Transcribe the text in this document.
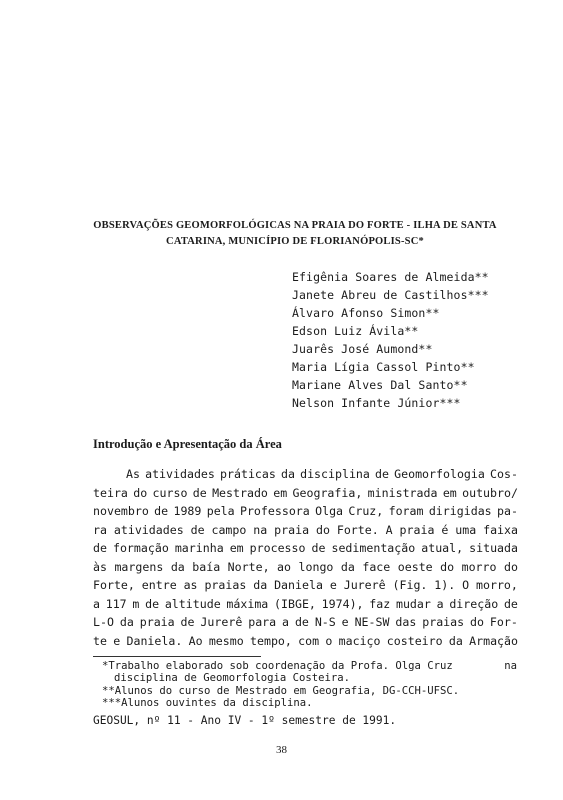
OBSERVAÇÕES GEOMORFOLÓGICAS NA PRAIA DO FORTE - ILHA DE SANTA
CATARINA, MUNICÍPIO DE FLORIANÓPOLIS-SC*
Efigênia Soares de Almeida**
Janete Abreu de Castilhos***
Álvaro Afonso Simon**
Edson Luiz Ávila**
Juarês José Aumond**
Maria Lígia Cassol Pinto**
Mariane Alves Dal Santo**
Nelson Infante Júnior***
Introdução e Apresentação da Área
As atividades práticas da disciplina de Geomorfologia Cos-
teira do curso de Mestrado em Geografia, ministrada em outubro/
novembro de 1989 pela Professora Olga Cruz, foram dirigidas pa-
ra atividades de campo na praia do Forte. A praia é uma faixa
de formação marinha em processo de sedimentação atual, situada
às margens da baía Norte, ao longo da face oeste do morro do
Forte, entre as praias da Daniela e Jurerê (Fig. 1). O morro,
a 117 m de altitude máxima (IBGE, 1974), faz mudar a direção de
L-O da praia de Jurerê para a de N-S e NE-SW das praias do For-
te e Daniela. Ao mesmo tempo, com o maciço costeiro da Armação
*Trabalho elaborado sob coordenação da Profa. Olga Cruz	na
disciplina de Geomorfologia Costeira.
**Alunos do curso de Mestrado em Geografia, DG-CCH-UFSC.
***Alunos ouvintes da disciplina.
GEOSUL, nº 11 - Ano IV - 1º semestre de 1991.
38
